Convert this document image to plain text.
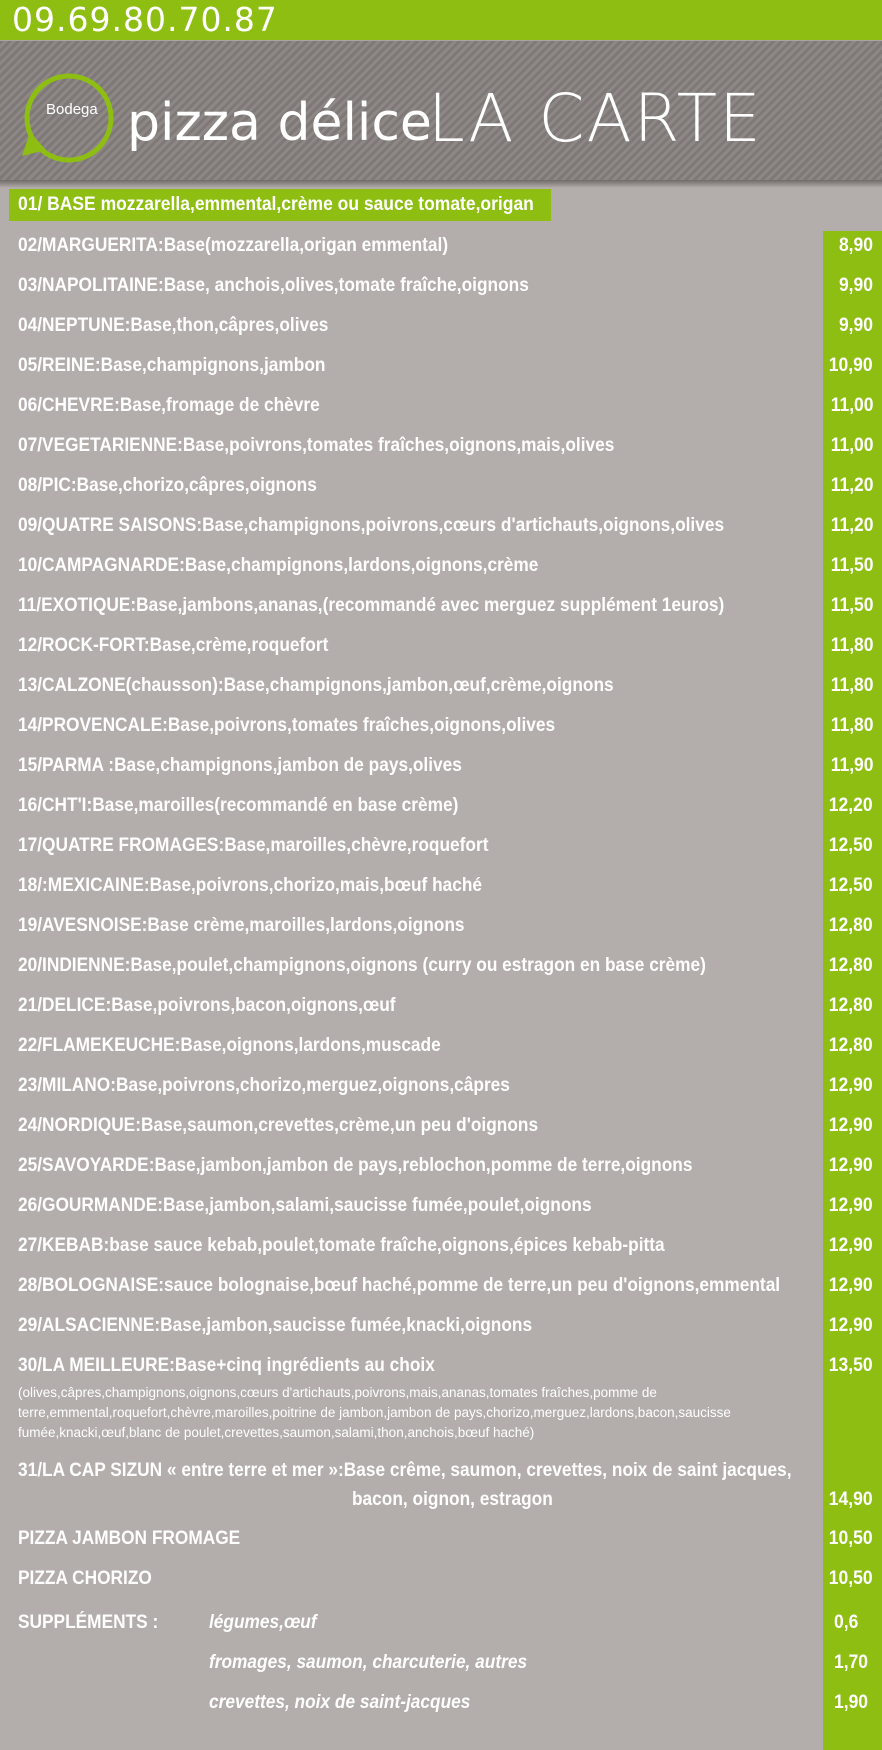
09.69.80.70.87
Bodega pizza délice
LA CARTE
01/ BASE mozzarella,emmental,crème ou sauce tomate,origan
02/MARGUERITA:Base(mozzarella,origan emmental)	8,90
03/NAPOLITAINE:Base, anchois,olives,tomate fraîche,oignons	9,90
04/NEPTUNE:Base,thon,câpres,olives	9,90
05/REINE:Base,champignons,jambon	10,90
06/CHEVRE:Base,fromage de chèvre	11,00
07/VEGETARIENNE:Base,poivrons,tomates fraîches,oignons,mais,olives	11,00
08/PIC:Base,chorizo,câpres,oignons	11,20
09/QUATRE SAISONS:Base,champignons,poivrons,cœurs d'artichauts,oignons,olives	11,20
10/CAMPAGNARDE:Base,champignons,lardons,oignons,crème	11,50
11/EXOTIQUE:Base,jambons,ananas,(recommandé avec merguez supplément 1euros)	11,50
12/ROCK-FORT:Base,crème,roquefort	11,80
13/CALZONE(chausson):Base,champignons,jambon,œuf,crème,oignons	11,80
14/PROVENCALE:Base,poivrons,tomates fraîches,oignons,olives	11,80
15/PARMA :Base,champignons,jambon de pays,olives	11,90
16/CHT'I:Base,maroilles(recommandé en base crème)	12,20
17/QUATRE FROMAGES:Base,maroilles,chèvre,roquefort	12,50
18/:MEXICAINE:Base,poivrons,chorizo,mais,bœuf haché	12,50
19/AVESNOISE:Base crème,maroilles,lardons,oignons	12,80
20/INDIENNE:Base,poulet,champignons,oignons (curry ou estragon en base crème)	12,80
21/DELICE:Base,poivrons,bacon,oignons,œuf	12,80
22/FLAMEKEUCHE:Base,oignons,lardons,muscade	12,80
23/MILANO:Base,poivrons,chorizo,merguez,oignons,câpres	12,90
24/NORDIQUE:Base,saumon,crevettes,crème,un peu d'oignons	12,90
25/SAVOYARDE:Base,jambon,jambon de pays,reblochon,pomme de terre,oignons	12,90
26/GOURMANDE:Base,jambon,salami,saucisse fumée,poulet,oignons	12,90
27/KEBAB:base sauce kebab,poulet,tomate fraîche,oignons,épices kebab-pitta	12,90
28/BOLOGNAISE:sauce bolognaise,bœuf haché,pomme de terre,un peu d'oignons,emmental	12,90
29/ALSACIENNE:Base,jambon,saucisse fumée,knacki,oignons	12,90
30/LA MEILLEURE:Base+cinq ingrédients au choix	13,50
(olives,câpres,champignons,oignons,cœurs d'artichauts,poivrons,mais,ananas,tomates fraîches,pomme de terre,emmental,roquefort,chèvre,maroilles,poitrine de jambon,jambon de pays,chorizo,merguez,lardons,bacon,saucisse fumée,knacki,œuf,blanc de poulet,crevettes,saumon,salami,thon,anchois,bœuf haché)
31/LA CAP SIZUN « entre terre et mer »:Base crême, saumon, crevettes, noix de saint jacques,
bacon, oignon, estragon	14,90
PIZZA JAMBON FROMAGE	10,50
PIZZA CHORIZO	10,50
SUPPLÉMENTS :	légumes,œuf	0,6
fromages, saumon, charcuterie, autres	1,70
crevettes, noix de saint-jacques	1,90
